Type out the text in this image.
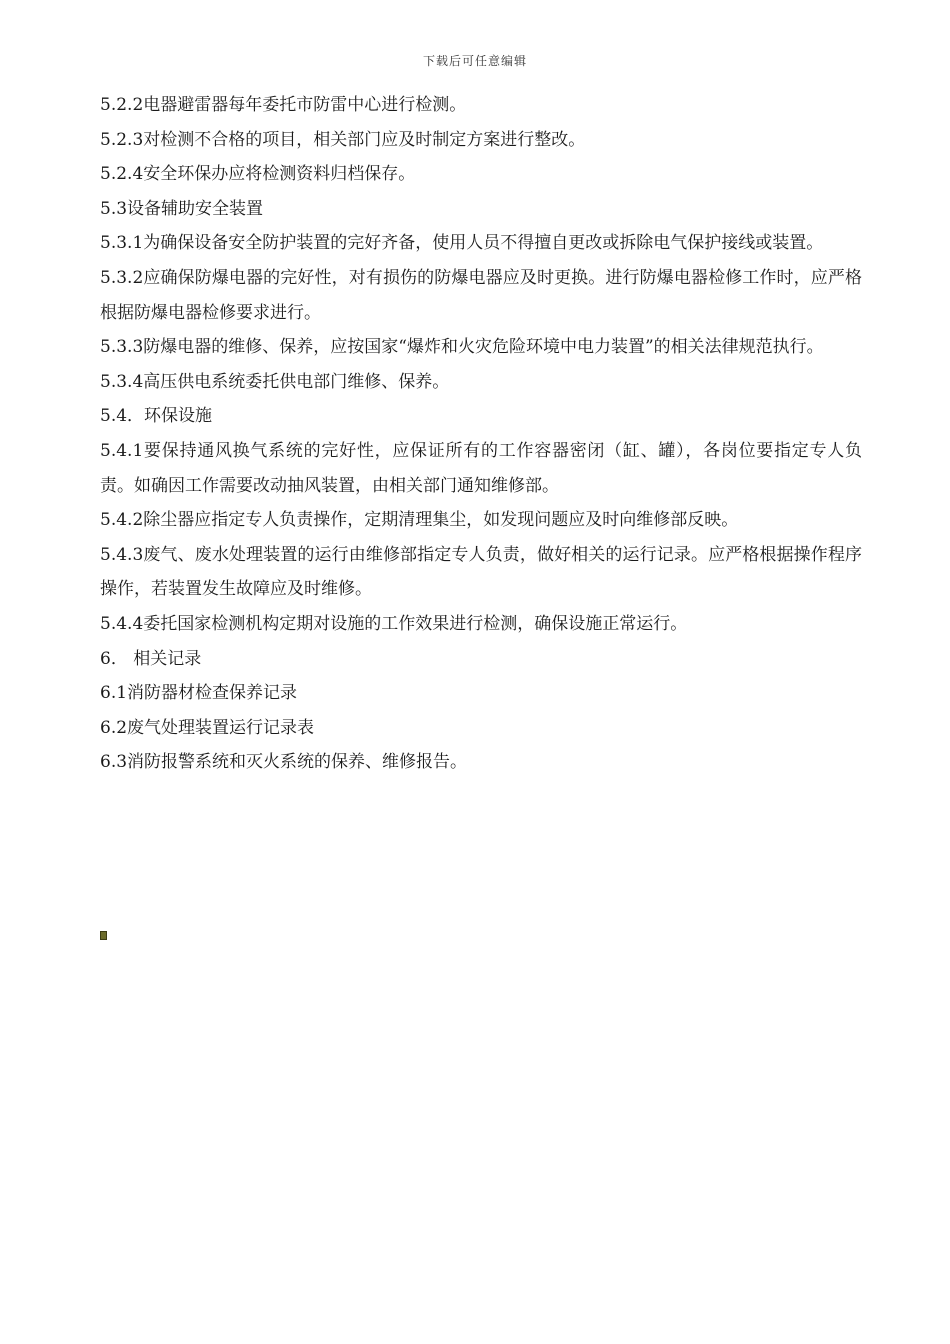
下载后可任意编辑

5.2.2电器避雷器每年委托市防雷中心进行检测。

5.2.3对检测不合格的项目，相关部门应及时制定方案进行整改。

5.2.4安全环保办应将检测资料归档保存。

5.3设备辅助安全装置

5.3.1为确保设备安全防护装置的完好齐备，使用人员不得擅自更改或拆除电气保护接线或装置。

5.3.2应确保防爆电器的完好性，对有损伤的防爆电器应及时更换。进行防爆电器检修工作时，应严格根据防爆电器检修要求进行。

5.3.3防爆电器的维修、保养，应按国家“爆炸和火灾危险环境中电力装置”的相关法律规范执行。

5.3.4高压供电系统委托供电部门维修、保养。

5.4．环保设施

5.4.1要保持通风换气系统的完好性，应保证所有的工作容器密闭（缸、罐），各岗位要指定专人负责。如确因工作需要改动抽风装置，由相关部门通知维修部。

5.4.2除尘器应指定专人负责操作，定期清理集尘，如发现问题应及时向维修部反映。

5.4.3废气、废水处理装置的运行由维修部指定专人负责，做好相关的运行记录。应严格根据操作程序操作，若装置发生故障应及时维修。

5.4.4委托国家检测机构定期对设施的工作效果进行检测，确保设施正常运行。

6． 相关记录

6.1消防器材检查保养记录

6.2废气处理装置运行记录表

6.3消防报警系统和灭火系统的保养、维修报告。
